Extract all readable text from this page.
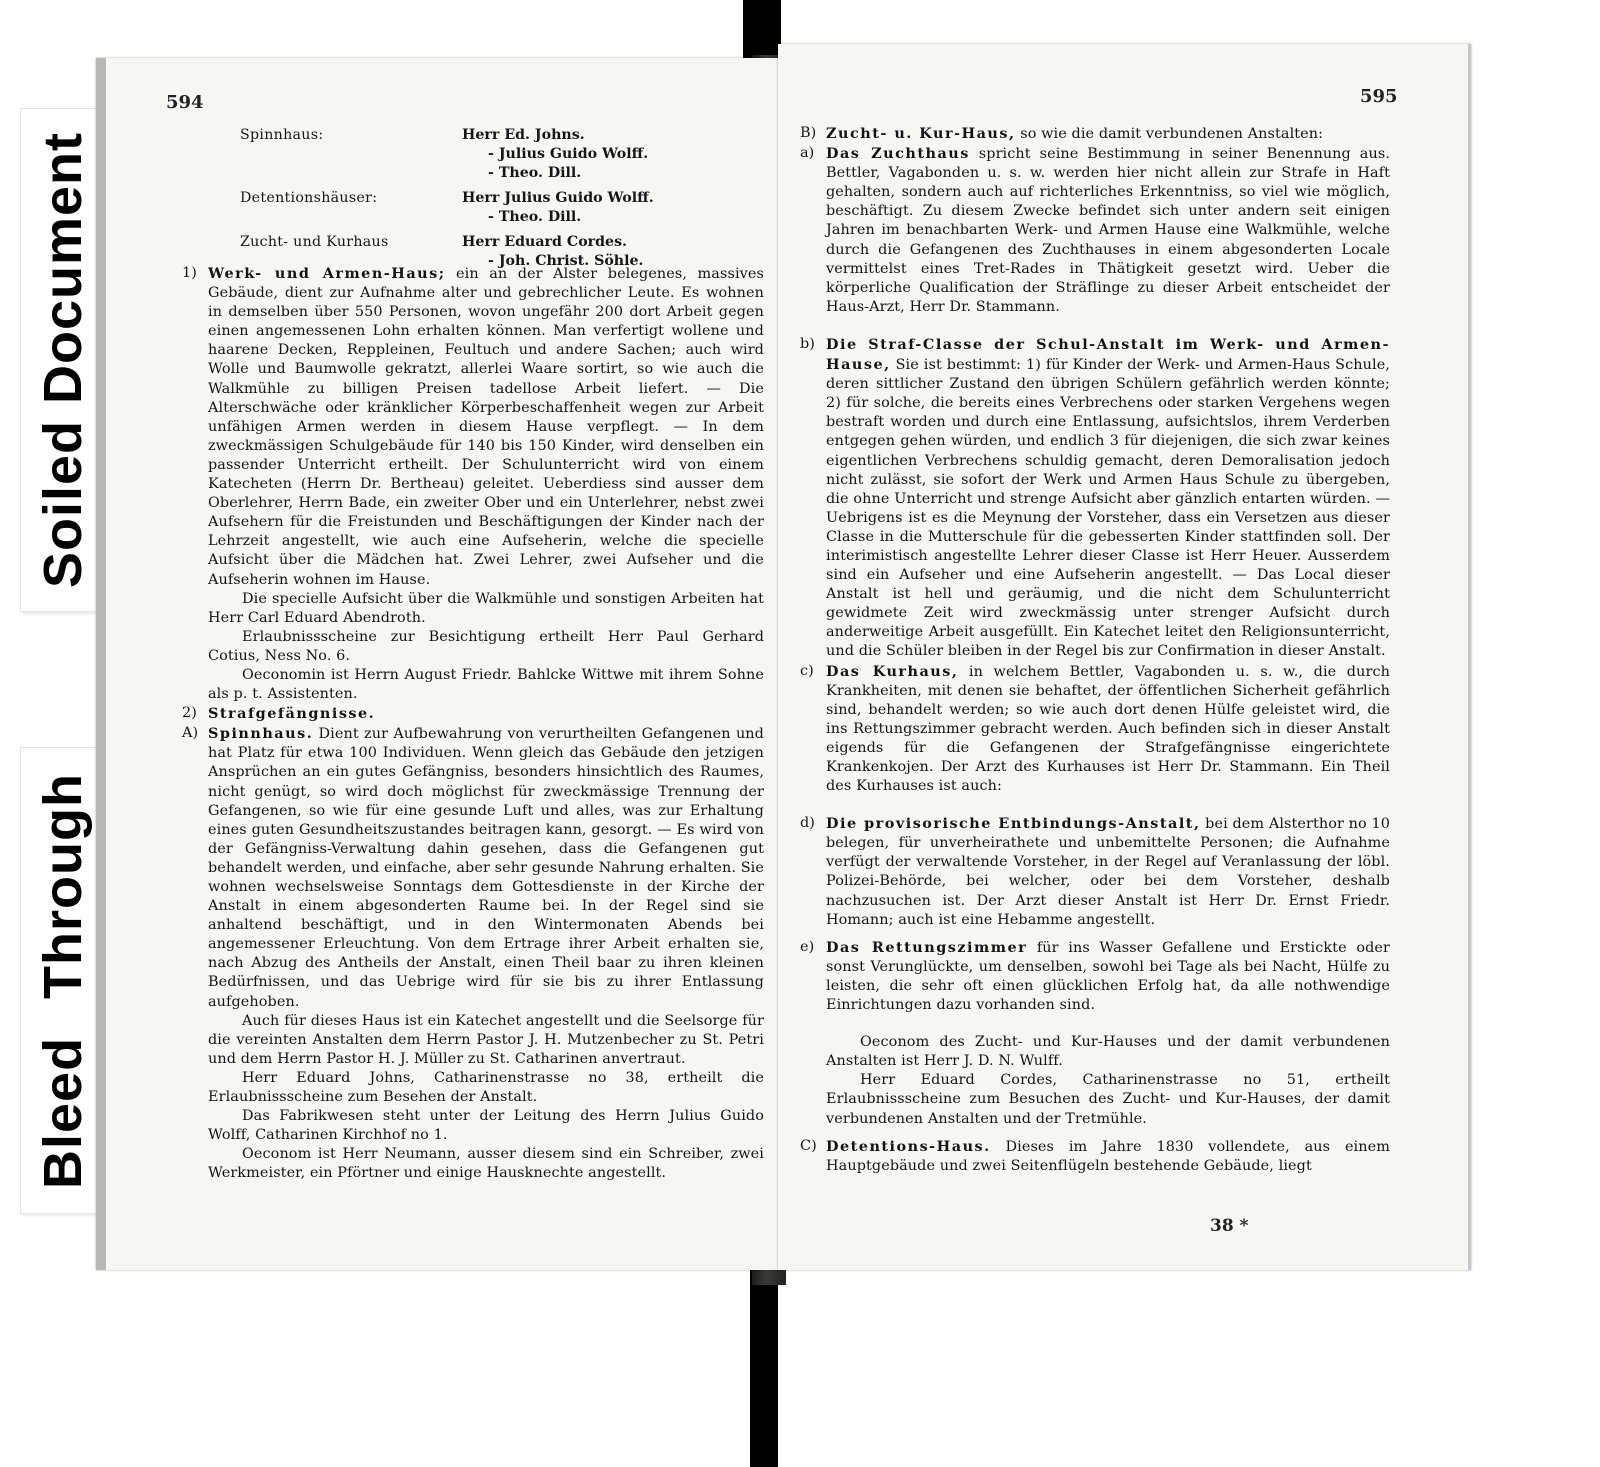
Soiled Document
Bleed Through
594
Spinnhaus:	Herr Ed. Johns.
- Julius Guido Wolff.
- Theo. Dill.
Detentionshäuser:	Herr Julius Guido Wolff.
- Theo. Dill.
Zucht- und Kurhaus	Herr Eduard Cordes.
- Joh. Christ. Söhle.
1) Werk- und Armen-Haus; ein an der Alster belegenes, massives Gebäude, dient zur Aufnahme alter und gebrechlicher Leute. Es wohnen in demselben über 550 Personen, wovon ungefähr 200 dort Arbeit gegen einen angemessenen Lohn erhalten können. Man verfertigt wollene und haarene Decken, Reppleinen, Feultuch und andere Sachen; auch wird Wolle und Baumwolle gekratzt, allerlei Waare sortirt, so wie auch die Walkmühle zu billigen Preisen tadellose Arbeit liefert. — Die Alterschwäche oder kränklicher Körperbeschaffenheit wegen zur Arbeit unfähigen Armen werden in diesem Hause verpflegt. — In dem zweckmässigen Schulgebäude für 140 bis 150 Kinder, wird denselben ein passender Unterricht ertheilt. Der Schulunterricht wird von einem Katecheten (Herrn Dr. Bertheau) geleitet. Ueberdiess sind ausser dem Oberlehrer, Herrn Bade, ein zweiter Ober und ein Unterlehrer, nebst zwei Aufsehern für die Freistunden und Beschäftigungen der Kinder nach der Lehrzeit angestellt, wie auch eine Aufseherin, welche die specielle Aufsicht über die Mädchen hat. Zwei Lehrer, zwei Aufseher und die Aufseherin wohnen im Hause.

Die specielle Aufsicht über die Walkmühle und sonstigen Arbeiten hat Herr Carl Eduard Abendroth.

Erlaubnissscheine zur Besichtigung ertheilt Herr Paul Gerhard Cotius, Ness No. 6.

Oeconomin ist Herrn August Friedr. Bahlcke Wittwe mit ihrem Sohne als p. t. Assistenten.

2) Strafgefängnisse.
A) Spinnhaus. Dient zur Aufbewahrung von verurtheilten Gefangenen und hat Platz für etwa 100 Individuen. Wenn gleich das Gebäude den jetzigen Ansprüchen an ein gutes Gefängniss, besonders hinsichtlich des Raumes, nicht genügt, so wird doch möglichst für zweckmässige Trennung der Gefangenen, so wie für eine gesunde Luft und alles, was zur Erhaltung eines guten Gesundheitszustandes beitragen kann, gesorgt. — Es wird von der Gefängniss-Verwaltung dahin gesehen, dass die Gefangenen gut behandelt werden, und einfache, aber sehr gesunde Nahrung erhalten. Sie wohnen wechselsweise Sonntags dem Gottesdienste in der Kirche der Anstalt in einem abgesonderten Raume bei. In der Regel sind sie anhaltend beschäftigt, und in den Wintermonaten Abends bei angemessener Erleuchtung. Von dem Ertrage ihrer Arbeit erhalten sie, nach Abzug des Antheils der Anstalt, einen Theil baar zu ihren kleinen Bedürfnissen, und das Uebrige wird für sie bis zu ihrer Entlassung aufgehoben.

Auch für dieses Haus ist ein Katechet angestellt und die Seelsorge für die vereinten Anstalten dem Herrn Pastor J. H. Mutzenbecher zu St. Petri und dem Herrn Pastor H. J. Müller zu St. Catharinen anvertraut.

Herr Eduard Johns, Catharinenstrasse no 38, ertheilt die Erlaubnissscheine zum Besehen der Anstalt.

Das Fabrikwesen steht unter der Leitung des Herrn Julius Guido Wolff, Catharinen Kirchhof no 1.

Oeconom ist Herr Neumann, ausser diesem sind ein Schreiber, zwei Werkmeister, ein Pförtner und einige Hausknechte angestellt.

595
B) Zucht- u. Kur-Haus, so wie die damit verbundenen Anstalten:
a) Das Zuchthaus spricht seine Bestimmung in seiner Benennung aus. Bettler, Vagabonden u. s. w. werden hier nicht allein zur Strafe in Haft gehalten, sondern auch auf richterliches Erkenntniss, so viel wie möglich, beschäftigt. Zu diesem Zwecke befindet sich unter andern seit einigen Jahren im benachbarten Werk- und Armen Hause eine Walkmühle, welche durch die Gefangenen des Zuchthauses in einem abgesonderten Locale vermittelst eines Tret-Rades in Thätigkeit gesetzt wird. Ueber die körperliche Qualification der Sträflinge zu dieser Arbeit entscheidet der Haus-Arzt, Herr Dr. Stammann.
b) Die Straf-Classe der Schul-Anstalt im Werk- und Armen-Hause, Sie ist bestimmt: 1) für Kinder der Werk- und Armen-Haus Schule, deren sittlicher Zustand den übrigen Schülern gefährlich werden könnte; 2) für solche, die bereits eines Verbrechens oder starken Vergehens wegen bestraft worden und durch eine Entlassung, aufsichtslos, ihrem Verderben entgegen gehen würden, und endlich 3 für diejenigen, die sich zwar keines eigentlichen Verbrechens schuldig gemacht, deren Demoralisation jedoch nicht zulässt, sie sofort der Werk und Armen Haus Schule zu übergeben, die ohne Unterricht und strenge Aufsicht aber gänzlich entarten würden. — Uebrigens ist es die Meynung der Vorsteher, dass ein Versetzen aus dieser Classe in die Mutterschule für die gebesserten Kinder stattfinden soll. Der interimistisch angestellte Lehrer dieser Classe ist Herr Heuer. Ausserdem sind ein Aufseher und eine Aufseherin angestellt. — Das Local dieser Anstalt ist hell und geräumig, und die nicht dem Schulunterricht gewidmete Zeit wird zweckmässig unter strenger Aufsicht durch anderweitige Arbeit ausgefüllt. Ein Katechet leitet den Religionsunterricht, und die Schüler bleiben in der Regel bis zur Confirmation in dieser Anstalt.
c) Das Kurhaus, in welchem Bettler, Vagabonden u. s. w., die durch Krankheiten, mit denen sie behaftet, der öffentlichen Sicherheit gefährlich sind, behandelt werden; so wie auch dort denen Hülfe geleistet wird, die ins Rettungszimmer gebracht werden. Auch befinden sich in dieser Anstalt eigends für die Gefangenen der Strafgefängnisse eingerichtete Krankenkojen. Der Arzt des Kurhauses ist Herr Dr. Stammann. Ein Theil des Kurhauses ist auch:
d) Die provisorische Entbindungs-Anstalt, bei dem Alsterthor no 10 belegen, für unverheirathete und unbemittelte Personen; die Aufnahme verfügt der verwaltende Vorsteher, in der Regel auf Veranlassung der löbl. Polizei-Behörde, bei welcher, oder bei dem Vorsteher, deshalb nachzusuchen ist. Der Arzt dieser Anstalt ist Herr Dr. Ernst Friedr. Homann; auch ist eine Hebamme angestellt.
e) Das Rettungszimmer für ins Wasser Gefallene und Erstickte oder sonst Verunglückte, um denselben, sowohl bei Tage als bei Nacht, Hülfe zu leisten, die sehr oft einen glücklichen Erfolg hat, da alle nothwendige Einrichtungen dazu vorhanden sind.

Oeconom des Zucht- und Kur-Hauses und der damit verbundenen Anstalten ist Herr J. D. N. Wulff.

Herr Eduard Cordes, Catharinenstrasse no 51, ertheilt Erlaubnissscheine zum Besuchen des Zucht- und Kur-Hauses, der damit verbundenen Anstalten und der Tretmühle.

C) Detentions-Haus. Dieses im Jahre 1830 vollendete, aus einem Hauptgebäude und zwei Seitenflügeln bestehende Gebäude, liegt
38 *
